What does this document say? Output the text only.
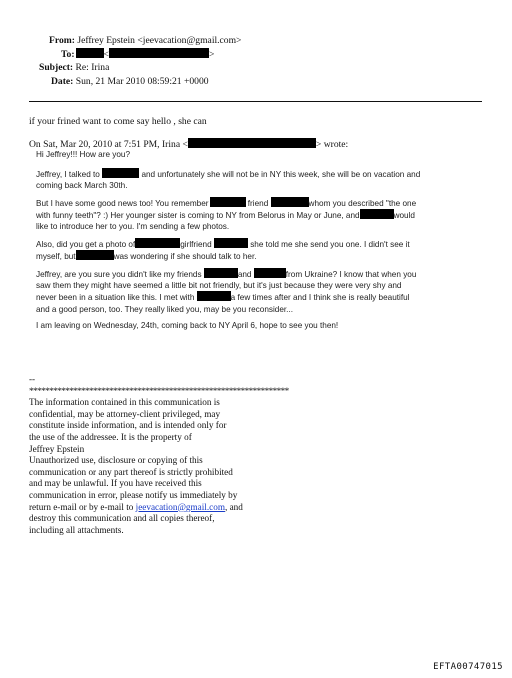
From: Jeffrey Epstein <jeevacation@gmail.com>
To:	<	>
Subject: Re: Irina
Date: Sun, 21 Mar 2010 08:59:21 +0000
if your frined want to come say hello , she can
On Sat, Mar 20, 2010 at 7:51 PM, Irina <	> wrote:
Hi Jeffrey!!! How are you?
Jeffrey, I talked to	and unfortunately she will not be in NY this week, she will be on vacation and
coming back March 30th.
But I have some good news too! You remember	friend	whom you described "the one
with funny teeth"? :) Her younger sister is coming to NY from Belorus in May or June, and	would
like to introduce her to you. I'm sending a few photos.
Also, did you get a photo of	girlfriend	she told me she send you one. I didn't see it
myself, but	was wondering if she should talk to her.
Jeffrey, are you sure you didn't like my friends	and	from Ukraine? I know that when you
saw them they might have seemed a little bit not friendly, but it's just because they were very shy and
never been in a situation like this. I met with	a few times after and I think she is really beautiful
and a good person, too. They really liked you, may be you reconsider...
I am leaving on Wednesday, 24th, coming back to NY April 6, hope to see you then!
--
*****************************************************************
The information contained in this communication is
confidential, may be attorney-client privileged, may
constitute inside information, and is intended only for
the use of the addressee. It is the property of
Jeffrey Epstein
Unauthorized use, disclosure or copying of this
communication or any part thereof is strictly prohibited
and may be unlawful. If you have received this
communication in error, please notify us immediately by
return e-mail or by e-mail to jeevacation@gmail.com, and
destroy this communication and all copies thereof,
including all attachments.
EFTA00747015
